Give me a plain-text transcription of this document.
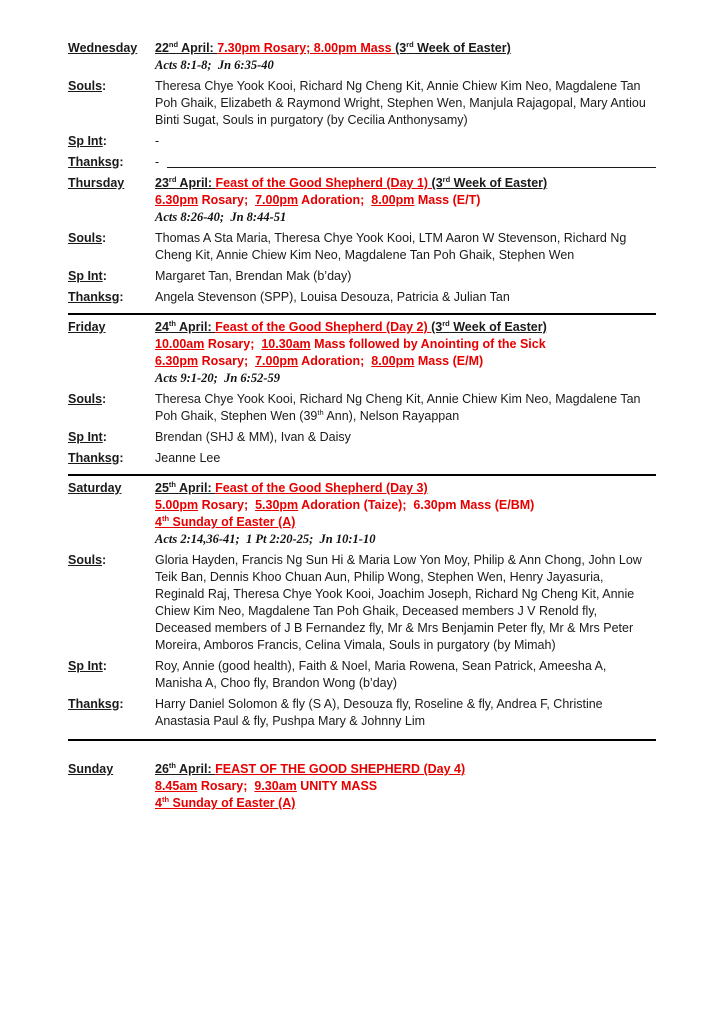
Wednesday	22nd April: 7.30pm Rosary; 8.00pm Mass (3rd Week of Easter)
Acts 8:1-8;  Jn 6:35-40
Souls:	Theresa Chye Yook Kooi, Richard Ng Cheng Kit, Annie Chiew Kim Neo, Magdalene Tan Poh Ghaik, Elizabeth & Raymond Wright, Stephen Wen, Manjula Rajagopal, Mary Antiou Binti Sugat, Souls in purgatory (by Cecilia Anthonysamy)
Sp Int:	-
Thanksg:	-
Thursday	23rd April: Feast of the Good Shepherd (Day 1) (3rd Week of Easter)
6.30pm Rosary;  7.00pm Adoration;  8.00pm Mass (E/T)
Acts 8:26-40;  Jn 8:44-51
Souls:	Thomas A Sta Maria, Theresa Chye Yook Kooi, LTM Aaron W Stevenson, Richard Ng Cheng Kit, Annie Chiew Kim Neo, Magdalene Tan Poh Ghaik, Stephen Wen
Sp Int:	Margaret Tan, Brendan Mak (b’day)
Thanksg:	Angela Stevenson (SPP), Louisa Desouza, Patricia & Julian Tan
Friday	24th April: Feast of the Good Shepherd (Day 2) (3rd Week of Easter)
10.00am Rosary;  10.30am Mass followed by Anointing of the Sick
6.30pm Rosary;  7.00pm Adoration;  8.00pm Mass (E/M)
Acts 9:1-20;  Jn 6:52-59
Souls:	Theresa Chye Yook Kooi, Richard Ng Cheng Kit, Annie Chiew Kim Neo, Magdalene Tan Poh Ghaik, Stephen Wen (39th Ann), Nelson Rayappan
Sp Int:	Brendan (SHJ & MM), Ivan & Daisy
Thanksg:	Jeanne Lee
Saturday	25th April: Feast of the Good Shepherd (Day 3)
5.00pm Rosary;  5.30pm Adoration (Taize);  6.30pm Mass (E/BM)
4th Sunday of Easter (A)
Acts 2:14,36-41;  1 Pt 2:20-25;  Jn 10:1-10
Souls:	Gloria Hayden, Francis Ng Sun Hi & Maria Low Yon Moy, Philip & Ann Chong, John Low Teik Ban, Dennis Khoo Chuan Aun, Philip Wong, Stephen Wen, Henry Jayasuria, Reginald Raj, Theresa Chye Yook Kooi, Joachim Joseph, Richard Ng Cheng Kit, Annie Chiew Kim Neo, Magdalene Tan Poh Ghaik, Deceased members J V Renold fly, Deceased members of J B Fernandez fly, Mr & Mrs Benjamin Peter fly, Mr & Mrs Peter Moreira, Amboros Francis, Celina Vimala, Souls in purgatory (by Mimah)
Sp Int:	Roy, Annie (good health), Faith & Noel, Maria Rowena, Sean Patrick, Ameesha A, Manisha A, Choo fly, Brandon Wong (b’day)
Thanksg:	Harry Daniel Solomon & fly (S A), Desouza fly, Roseline & fly, Andrea F, Christine Anastasia Paul & fly, Pushpa Mary & Johnny Lim
Sunday	26th April: FEAST OF THE GOOD SHEPHERD (Day 4)
8.45am Rosary;  9.30am UNITY MASS
4th Sunday of Easter (A)
